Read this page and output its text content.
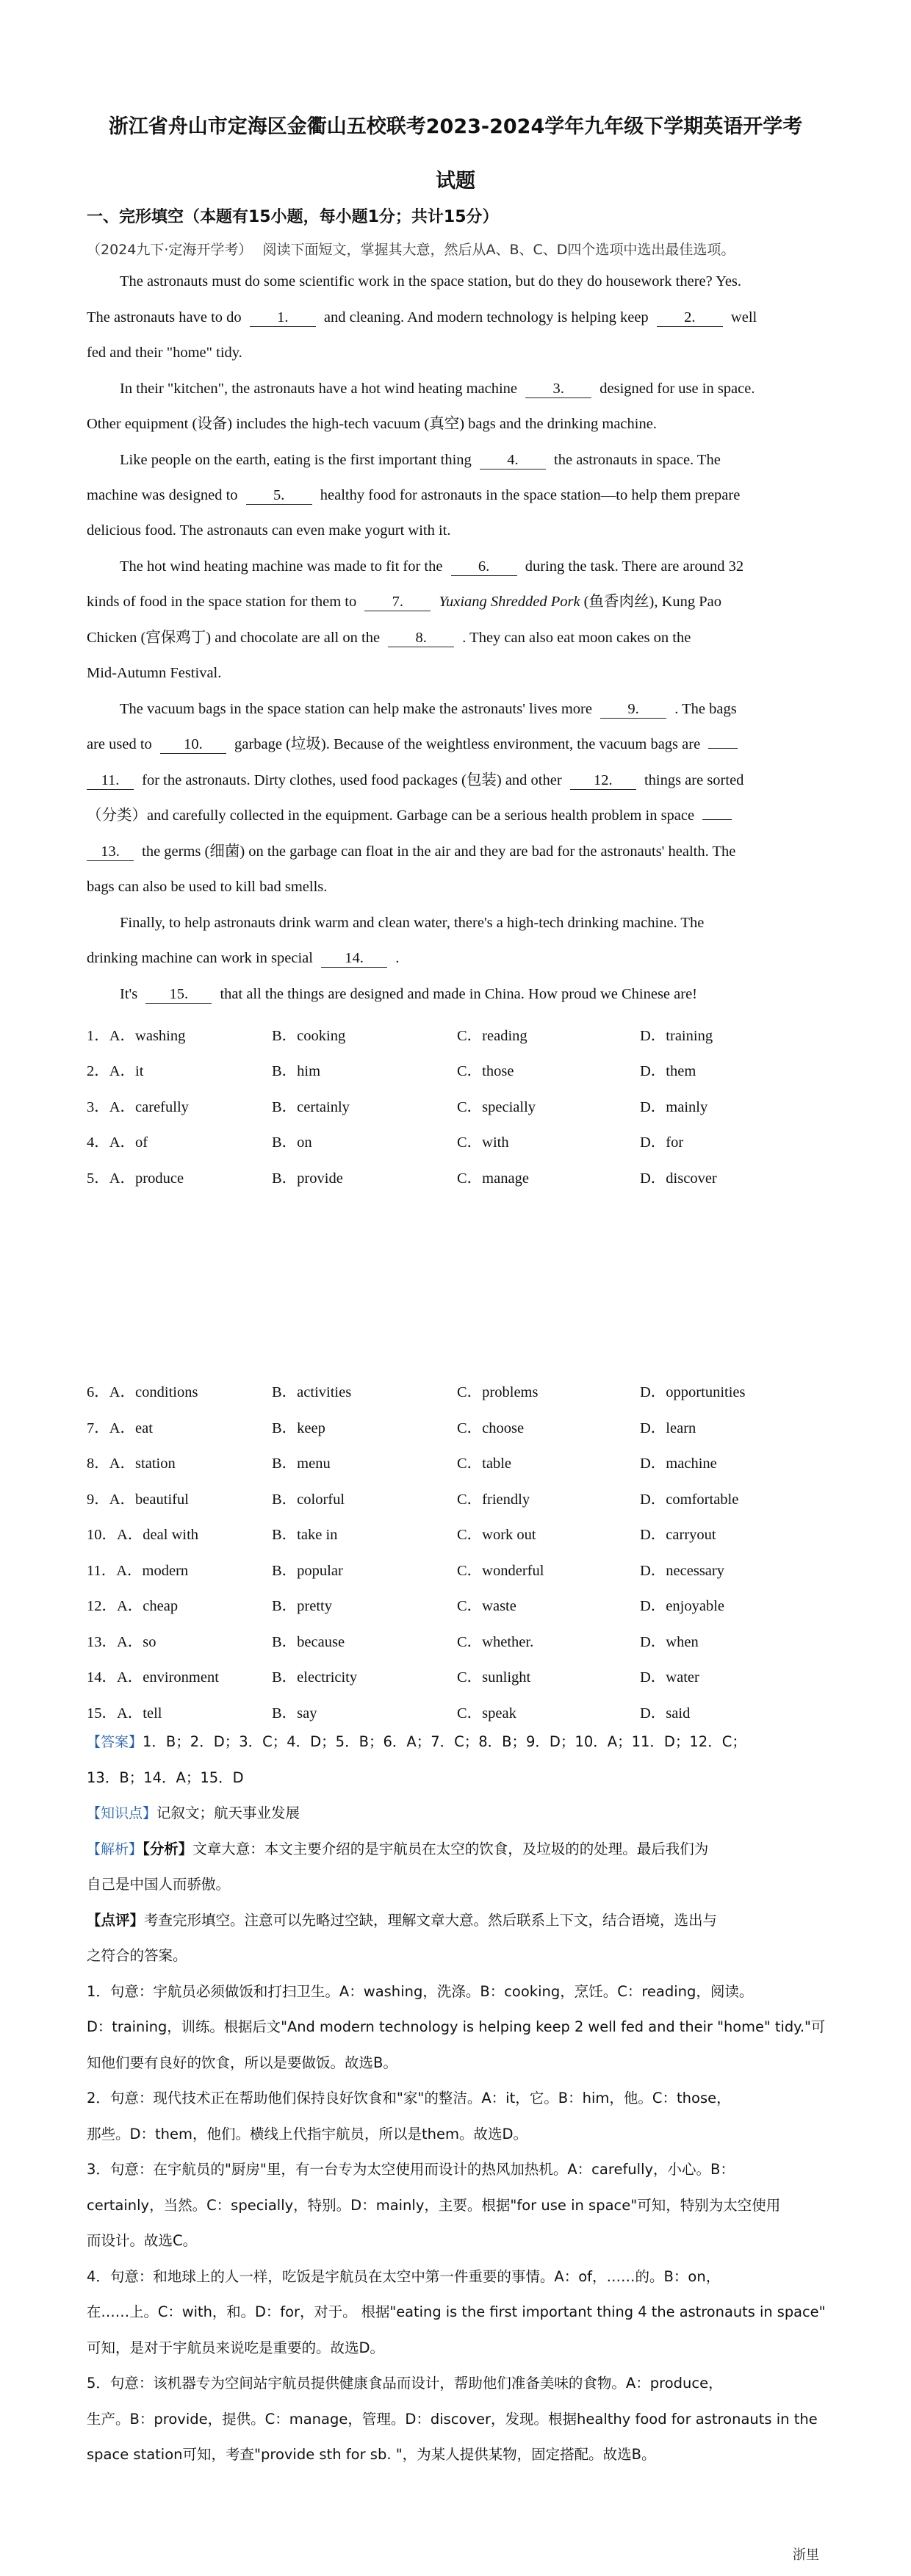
浙江省舟山市定海区金衢山五校联考2023-2024学年九年级下学期英语开学考
试题
一、完形填空（本题有15小题，每小题1分；共计15分）
（2024九下·定海开学考） 阅读下面短文，掌握其大意，然后从A、B、C、D四个选项中选出最佳选项。
The astronauts must do some scientific work in the space station, but do they do housework there? Yes.
The astronauts have to do 1. and cleaning. And modern technology is helping keep 2. well
fed and their "home" tidy.
In their "kitchen", the astronauts have a hot wind heating machine 3. designed for use in space.
Other equipment (设备) includes the high-tech vacuum (真空) bags and the drinking machine.
Like people on the earth, eating is the first important thing 4. the astronauts in space. The
machine was designed to 5. healthy food for astronauts in the space station—to help them prepare
delicious food. The astronauts can even make yogurt with it.
The hot wind heating machine was made to fit for the 6. during the task. There are around 32
kinds of food in the space station for them to 7. Yuxiang Shredded Pork (鱼香肉丝), Kung Pao
Chicken (宫保鸡丁) and chocolate are all on the 8. . They can also eat moon cakes on the
Mid-Autumn Festival.
The vacuum bags in the space station can help make the astronauts' lives more 9. . The bags
are used to 10. garbage (垃圾). Because of the weightless environment, the vacuum bags are
11. for the astronauts. Dirty clothes, used food packages (包装) and other 12. things are sorted
（分类）and carefully collected in the equipment. Garbage can be a serious health problem in space
13. the germs (细菌) on the garbage can float in the air and they are bad for the astronauts' health. The
bags can also be used to kill bad smells.
Finally, to help astronauts drink warm and clean water, there's a high-tech drinking machine. The
drinking machine can work in special 14. .
It's 15. that all the things are designed and made in China. How proud we Chinese are!
1．A．washing	B．cooking	C．reading	D．training
2．A．it	B．him	C．those	D．them
3．A．carefully	B．certainly	C．specially	D．mainly
4．A．of	B．on	C．with	D．for
5．A．produce	B．provide	C．manage	D．discover
6．A．conditions	B．activities	C．problems	D．opportunities
7．A．eat	B．keep	C．choose	D．learn
8．A．station	B．menu	C．table	D．machine
9．A．beautiful	B．colorful	C．friendly	D．comfortable
10．A．deal with	B．take in	C．work out	D．carryout
11．A．modern	B．popular	C．wonderful	D．necessary
12．A．cheap	B．pretty	C．waste	D．enjoyable
13．A．so	B．because	C．whether.	D．when
14．A．environment	B．electricity	C．sunlight	D．water
15．A．tell	B．say	C．speak	D．said
【答案】1．B；2．D；3．C；4．D；5．B；6．A；7．C；8．B；9．D；10．A；11．D；12．C；
13．B；14．A；15．D
【知识点】记叙文；航天事业发展
【解析】【分析】文章大意：本文主要介绍的是宇航员在太空的饮食，及垃圾的的处理。最后我们为
自己是中国人而骄傲。
【点评】考查完形填空。注意可以先略过空缺，理解文章大意。然后联系上下文，结合语境，选出与
之符合的答案。
1．句意：宇航员必须做饭和打扫卫生。A：washing，洗涤。B：cooking，烹饪。C：reading，阅读。
D：training，训练。根据后文"And modern technology is helping keep 2 well fed and their "home" tidy."可
知他们要有良好的饮食，所以是要做饭。故选B。
2．句意：现代技术正在帮助他们保持良好饮食和"家"的整洁。A：it，它。B：him，他。C：those，
那些。D：them，他们。横线上代指宇航员，所以是them。故选D。
3．句意：在宇航员的"厨房"里，有一台专为太空使用而设计的热风加热机。A：carefully，小心。B：
certainly，当然。C：specially，特别。D：mainly，主要。根据"for use in space"可知，特别为太空使用
而设计。故选C。
4．句意：和地球上的人一样，吃饭是宇航员在太空中第一件重要的事情。A：of，……的。B：on，
在……上。C：with，和。D：for，对于。 根据"eating is the first important thing 4 the astronauts in space"
可知，是对于宇航员来说吃是重要的。故选D。
5．句意：该机器专为空间站宇航员提供健康食品而设计，帮助他们准备美味的食物。A：produce，
生产。B：provide，提供。C：manage，管理。D：discover，发现。根据healthy food for astronauts in the
space station可知，考查"provide sth for sb. "，为某人提供某物，固定搭配。故选B。
浙里
